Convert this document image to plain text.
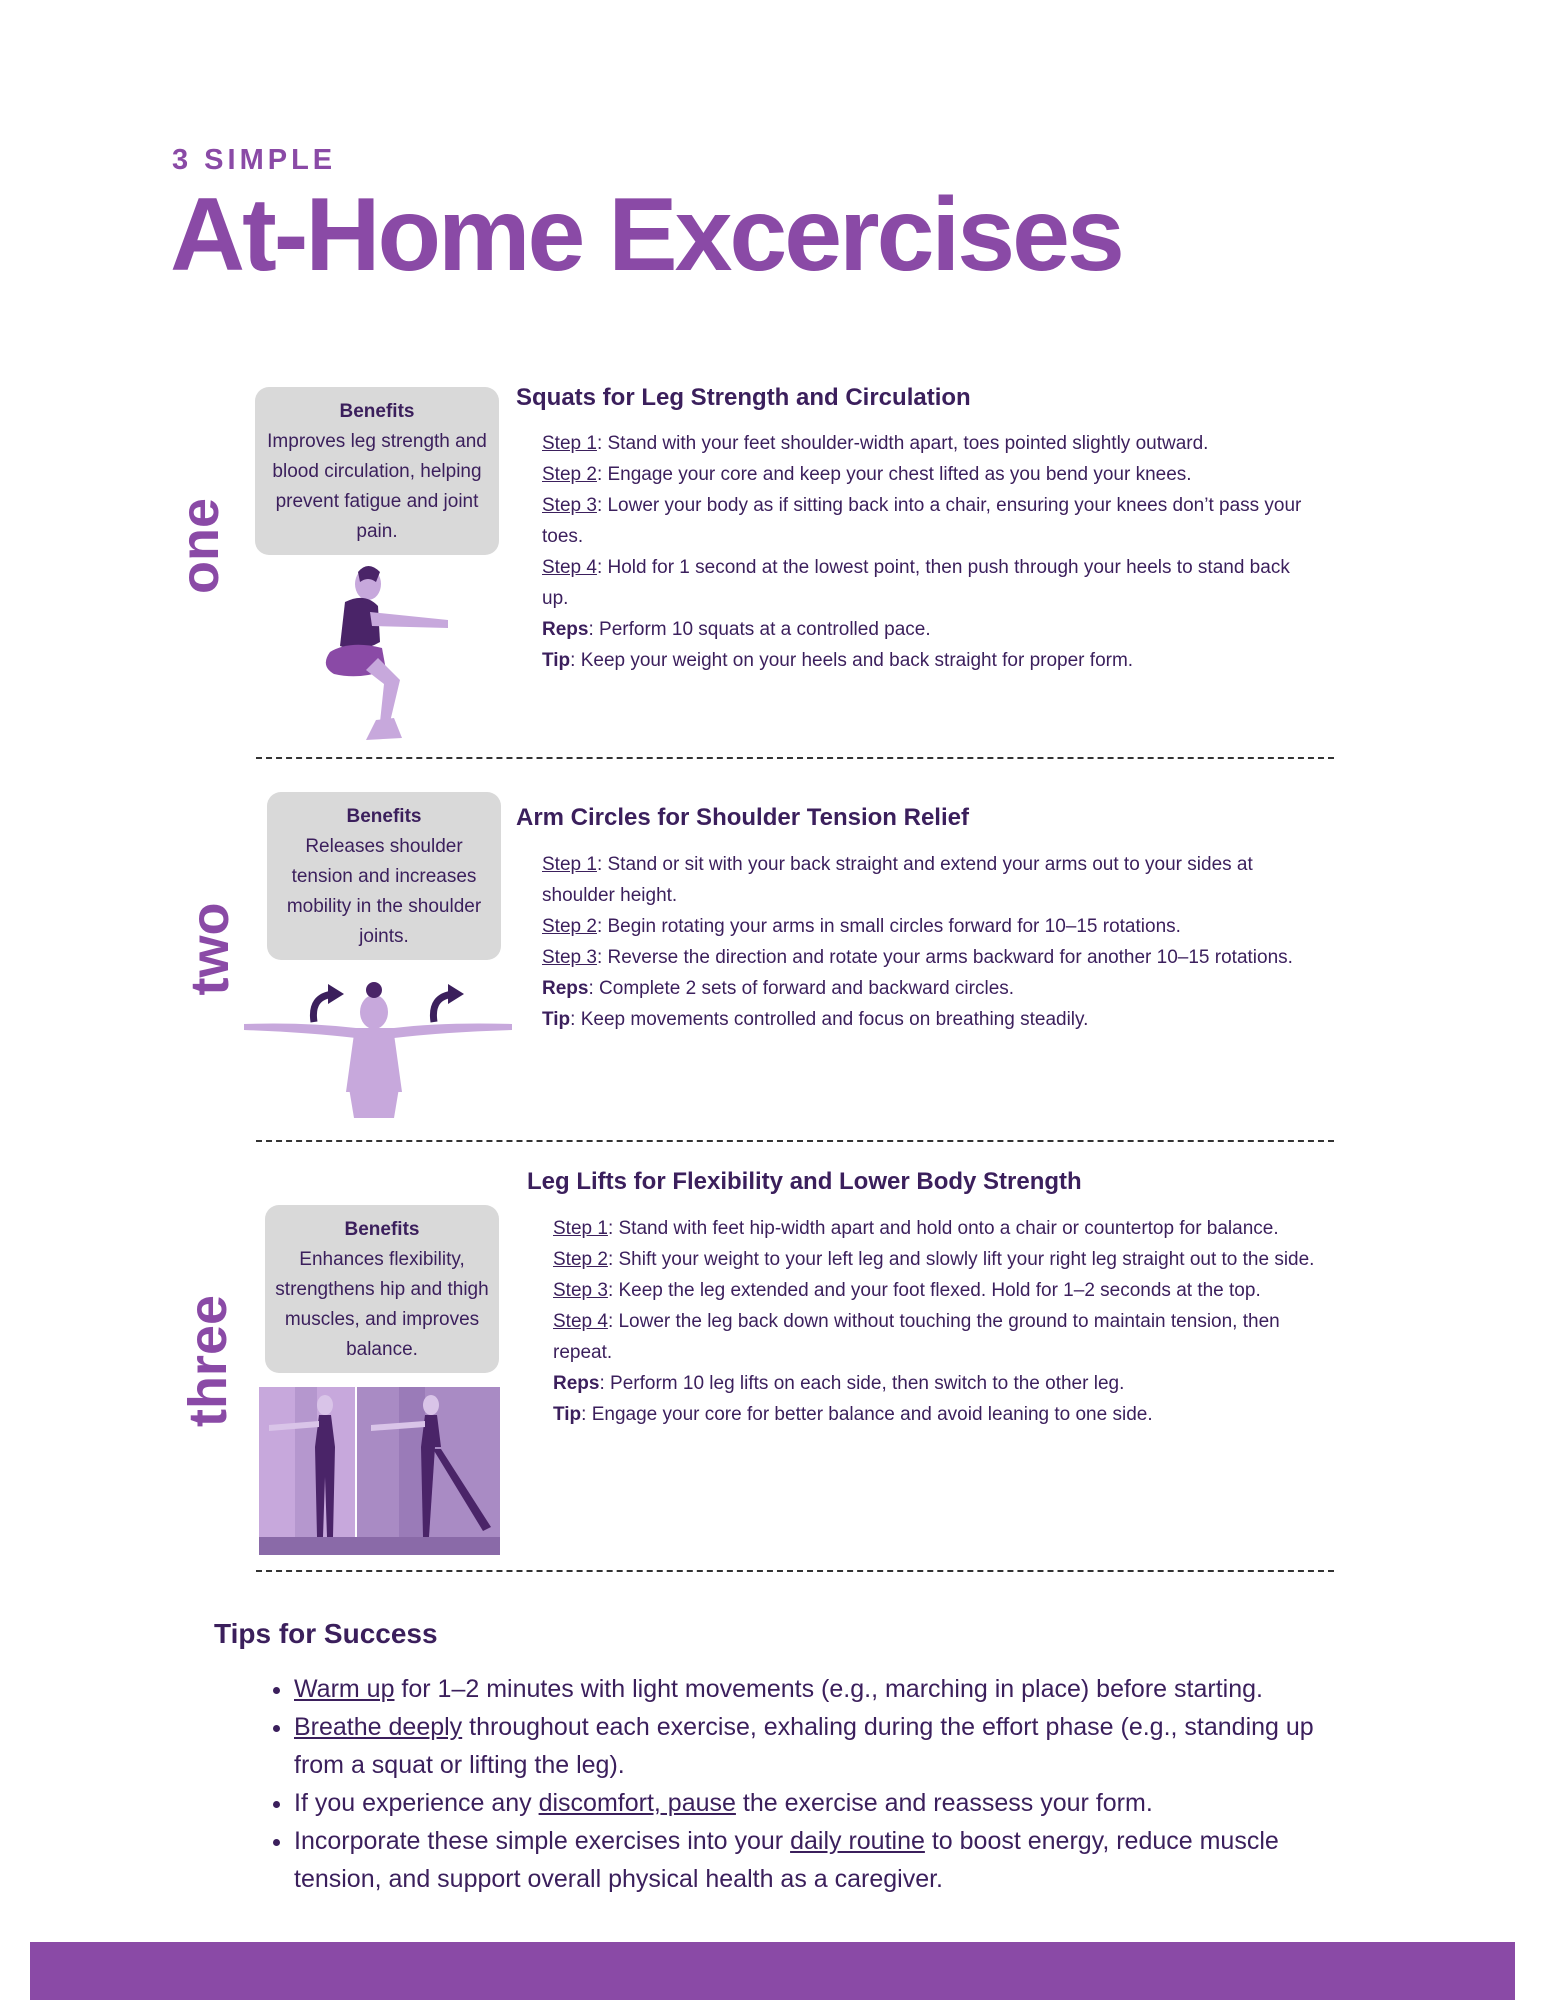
3 SIMPLE
At-Home Excercises
one
Benefits
Improves leg strength and blood circulation, helping prevent fatigue and joint pain.
Squats for Leg Strength and Circulation

Step 1: Stand with your feet shoulder-width apart, toes pointed slightly outward.

Step 2: Engage your core and keep your chest lifted as you bend your knees.

Step 3: Lower your body as if sitting back into a chair, ensuring your knees don’t pass your toes.

Step 4: Hold for 1 second at the lowest point, then push through your heels to stand back up.

Reps: Perform 10 squats at a controlled pace.

Tip: Keep your weight on your heels and back straight for proper form.

two
Benefits
Releases shoulder tension and increases mobility in the shoulder joints.
Arm Circles for Shoulder Tension Relief

Step 1: Stand or sit with your back straight and extend your arms out to your sides at shoulder height.

Step 2: Begin rotating your arms in small circles forward for 10–15 rotations.

Step 3: Reverse the direction and rotate your arms backward for another 10–15 rotations.

Reps: Complete 2 sets of forward and backward circles.

Tip: Keep movements controlled and focus on breathing steadily.

three
Benefits
Enhances flexibility, strengthens hip and thigh muscles, and improves balance.
Leg Lifts for Flexibility and Lower Body Strength

Step 1: Stand with feet hip-width apart and hold onto a chair or countertop for balance.

Step 2: Shift your weight to your left leg and slowly lift your right leg straight out to the side.

Step 3: Keep the leg extended and your foot flexed. Hold for 1–2 seconds at the top.

Step 4: Lower the leg back down without touching the ground to maintain tension, then repeat.

Reps: Perform 10 leg lifts on each side, then switch to the other leg.

Tip: Engage your core for better balance and avoid leaning to one side.

Tips for Success
• Warm up for 1–2 minutes with light movements (e.g., marching in place) before starting.
• Breathe deeply throughout each exercise, exhaling during the effort phase (e.g., standing up from a squat or lifting the leg).
• If you experience any discomfort, pause the exercise and reassess your form.
• Incorporate these simple exercises into your daily routine to boost energy, reduce muscle tension, and support overall physical health as a caregiver.
